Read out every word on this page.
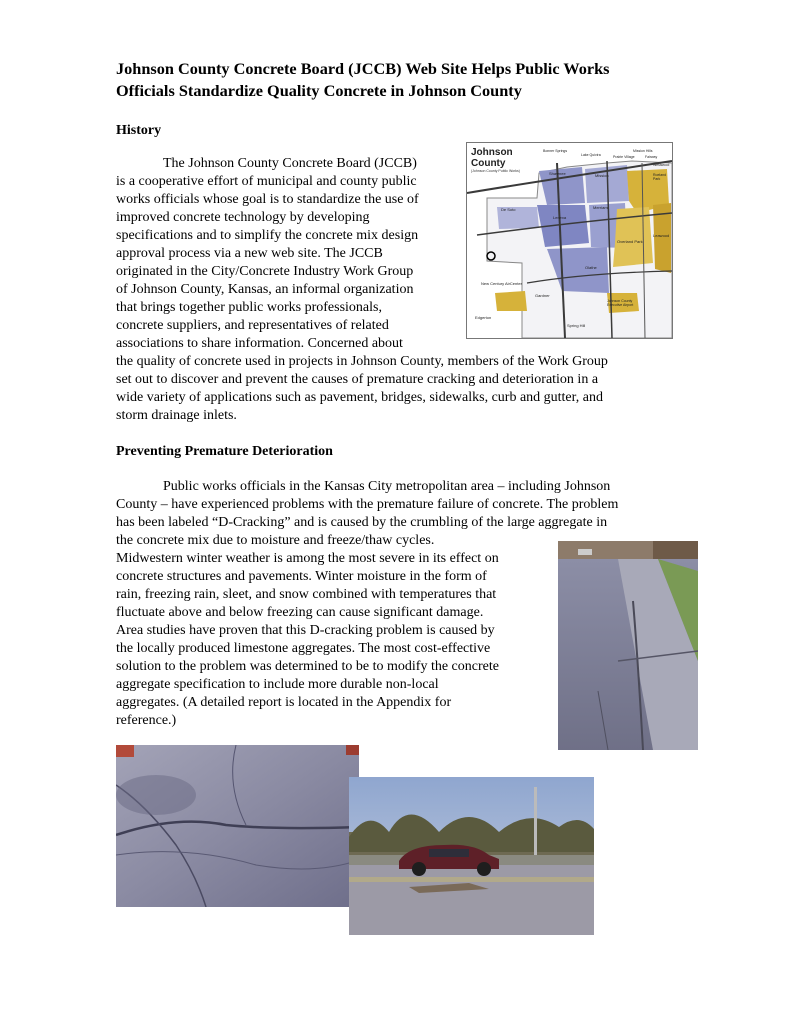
Johnson County Concrete Board (JCCB) Web Site Helps Public Works
Officials Standardize Quality Concrete in Johnson County
History
The Johnson County Concrete Board (JCCB)
is a cooperative effort of municipal and county public
works officials whose goal is to standardize the use of
improved concrete technology by developing
specifications and to simplify the concrete mix design
approval process via a new web site. The JCCB
originated in the City/Concrete Industry Work Group
of Johnson County, Kansas, an informal organization
that brings together public works professionals,
concrete suppliers, and representatives of related
associations to share information. Concerned about
the quality of concrete used in projects in Johnson County, members of the Work Group
set out to discover and prevent the causes of premature cracking and deterioration in a
wide variety of applications such as pavement, bridges, sidewalks, curb and gutter, and
storm drainage inlets.
Johnson
County
(Johnson County Public Works)	Shawnee
Lenexa
Olathe
Leawood
Overland Park
Edgerton
Spring Hill
New Century AirCenter
Johnson County Executive Airport
De Soto
Mission
Merriam
Mission Hills
Prairie Village	Fairway
Westwood
Roeland Park
Bonner Springs
Lake Quivira
Gardner
Preventing Premature Deterioration
Public works officials in the Kansas City metropolitan area – including Johnson
County – have experienced problems with the premature failure of concrete. The problem
has been labeled “D-Cracking” and is caused by the crumbling of the large aggregate in
the concrete mix due to moisture and freeze/thaw cycles.
Midwestern winter weather is among the most severe in its effect on
concrete structures and pavements. Winter moisture in the form of
rain, freezing rain, sleet, and snow combined with temperatures that
fluctuate above and below freezing can cause significant damage.
Area studies have proven that this D-cracking problem is caused by
the locally produced limestone aggregates. The most cost-effective
solution to the problem was determined to be to modify the concrete
aggregate specification to include more durable non-local
aggregates. (A detailed report is located in the Appendix for
reference.)
